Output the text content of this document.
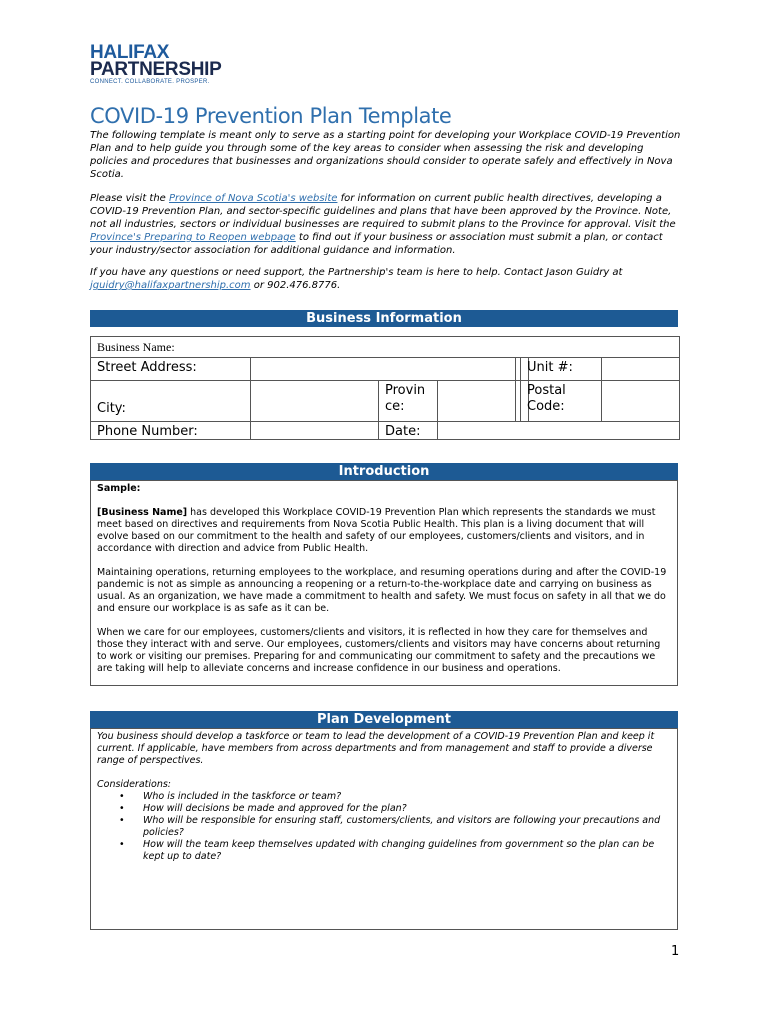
HALIFAX
PARTNERSHIP
CONNECT. COLLABORATE. PROSPER.
COVID-19 Prevention Plan Template
The following template is meant only to serve as a starting point for developing your Workplace COVID-19 Prevention Plan and to help guide you through some of the key areas to consider when assessing the risk and developing policies and procedures that businesses and organizations should consider to operate safely and effectively in Nova Scotia.
Please visit the Province of Nova Scotia's website for information on current public health directives, developing a COVID-19 Prevention Plan, and sector-specific guidelines and plans that have been approved by the Province. Note, not all industries, sectors or individual businesses are required to submit plans to the Province for approval. Visit the Province's Preparing to Reopen webpage to find out if your business or association must submit a plan, or contact your industry/sector association for additional guidance and information.
If you have any questions or need support, the Partnership's team is here to help. Contact Jason Guidry at jguidry@halifaxpartnership.com or 902.476.8776.
Business Information
Business Name:
Street Address:	Unit #:
City:
Provin ce:
Postal Code:
Phone Number:	Date:
Introduction

Sample:

[Business Name] has developed this Workplace COVID-19 Prevention Plan which represents the standards we must meet based on directives and requirements from Nova Scotia Public Health. This plan is a living document that will evolve based on our commitment to the health and safety of our employees, customers/clients and visitors, and in accordance with direction and advice from Public Health.

Maintaining operations, returning employees to the workplace, and resuming operations during and after the COVID-19 pandemic is not as simple as announcing a reopening or a return-to-the-workplace date and carrying on business as usual. As an organization, we have made a commitment to health and safety. We must focus on safety in all that we do and ensure our workplace is as safe as it can be.

When we care for our employees, customers/clients and visitors, it is reflected in how they care for themselves and those they interact with and serve. Our employees, customers/clients and visitors may have concerns about returning to work or visiting our premises. Preparing for and communicating our commitment to safety and the precautions we are taking will help to alleviate concerns and increase confidence in our business and operations.

Plan Development

You business should develop a taskforce or team to lead the development of a COVID-19 Prevention Plan and keep it current. If applicable, have members from across departments and from management and staff to provide a diverse range of perspectives.

Considerations:

• Who is included in the taskforce or team?
• How will decisions be made and approved for the plan?
• Who will be responsible for ensuring staff, customers/clients, and visitors are following your precautions and policies?
• How will the team keep themselves updated with changing guidelines from government so the plan can be kept up to date?
1
